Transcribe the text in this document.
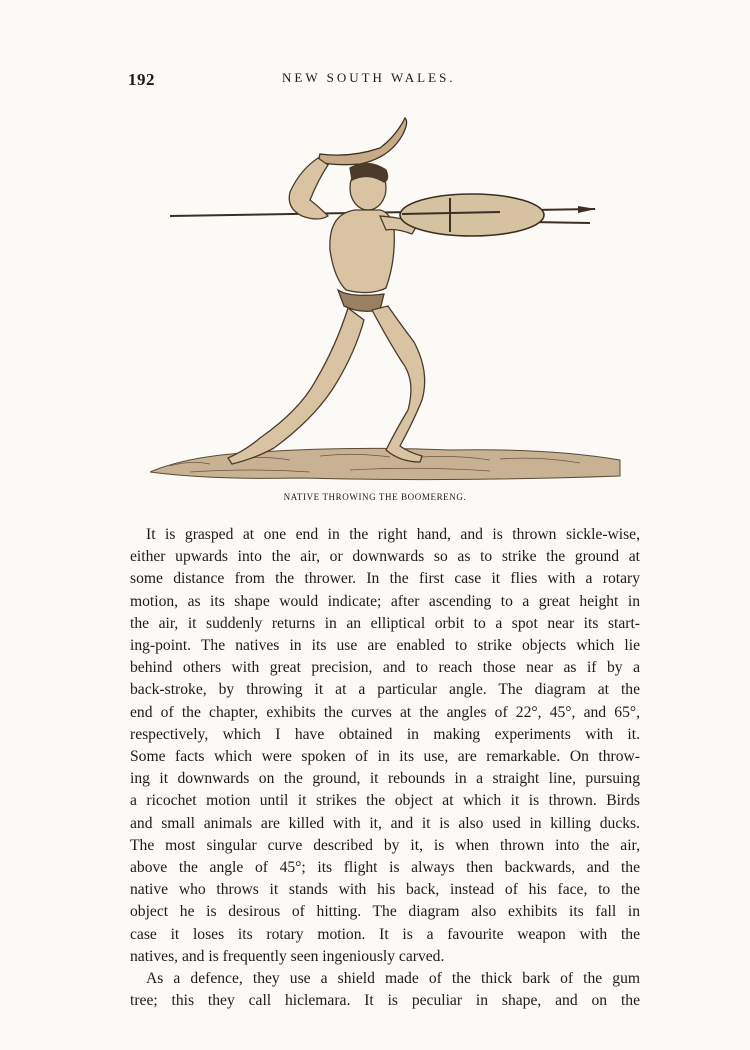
192	NEW SOUTH WALES.
NATIVE THROWING THE BOOMERENG.
It is grasped at one end in the right hand, and is thrown sickle-wise,
either upwards into the air, or downwards so as to strike the ground at
some distance from the thrower. In the first case it flies with a rotary
motion, as its shape would indicate; after ascending to a great height in
the air, it suddenly returns in an elliptical orbit to a spot near its start-
ing-point. The natives in its use are enabled to strike objects which lie
behind others with great precision, and to reach those near as if by a
back-stroke, by throwing it at a particular angle. The diagram at the
end of the chapter, exhibits the curves at the angles of 22°, 45°, and 65°,
respectively, which I have obtained in making experiments with it.
Some facts which were spoken of in its use, are remarkable. On throw-
ing it downwards on the ground, it rebounds in a straight line, pursuing
a ricochet motion until it strikes the object at which it is thrown. Birds
and small animals are killed with it, and it is also used in killing ducks.
The most singular curve described by it, is when thrown into the air,
above the angle of 45°; its flight is always then backwards, and the
native who throws it stands with his back, instead of his face, to the
object he is desirous of hitting. The diagram also exhibits its fall in
case it loses its rotary motion. It is a favourite weapon with the
natives, and is frequently seen ingeniously carved.
As a defence, they use a shield made of the thick bark of the gum
tree; this they call hiclemara. It is peculiar in shape, and on the
